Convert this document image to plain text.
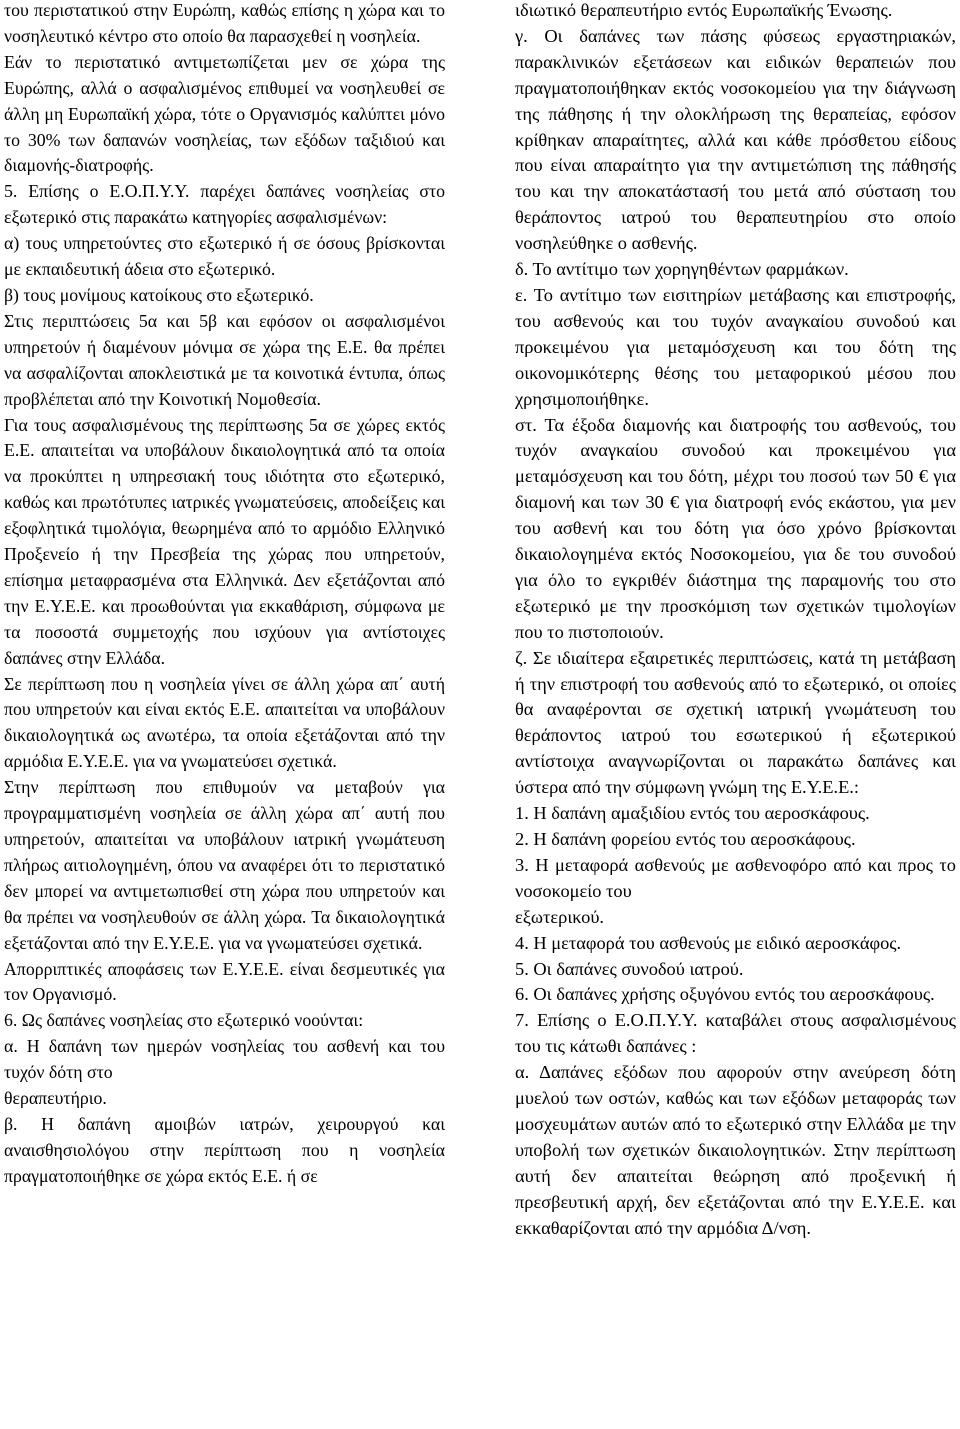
του περιστατικού στην Ευρώπη, καθώς επίσης η χώρα και το νοσηλευτικό κέντρο στο οποίο θα παρασχεθεί η νοσηλεία.

Εάν το περιστατικό αντιμετωπίζεται μεν σε χώρα της Ευρώπης, αλλά ο ασφαλισμένος επιθυμεί να νοσηλευθεί σε άλλη μη Ευρωπαϊκή χώρα, τότε ο Οργανισμός καλύπτει μόνο το 30% των δαπανών νοσηλείας, των εξόδων ταξιδιού και διαμονής-διατροφής.

5. Επίσης ο Ε.Ο.Π.Υ.Υ. παρέχει δαπάνες νοσηλείας στο εξωτερικό στις παρακάτω κατηγορίες ασφαλισμένων:

α) τους υπηρετούντες στο εξωτερικό ή σε όσους βρίσκονται με εκπαιδευτική άδεια στο εξωτερικό.

β) τους μονίμους κατοίκους στο εξωτερικό.

Στις περιπτώσεις 5α και 5β και εφόσον οι ασφαλισμένοι υπηρετούν ή διαμένουν μόνιμα σε χώρα της Ε.Ε. θα πρέπει να ασφαλίζονται αποκλειστικά με τα κοινοτικά έντυπα, όπως προβλέπεται από την Κοινοτική Νομοθεσία.

Για τους ασφαλισμένους της περίπτωσης 5α σε χώρες εκτός Ε.Ε. απαιτείται να υποβάλουν δικαιολογητικά από τα οποία να προκύπτει η υπηρεσιακή τους ιδιότητα στο εξωτερικό, καθώς και πρωτότυπες ιατρικές γνωματεύσεις, αποδείξεις και εξοφλητικά τιμολόγια, θεωρημένα από το αρμόδιο Ελληνικό Προξενείο ή την Πρεσβεία της χώρας που υπηρετούν, επίσημα μεταφρασμένα στα Ελληνικά. Δεν εξετάζονται από την Ε.Υ.Ε.Ε. και προωθούνται για εκκαθάριση, σύμφωνα με τα ποσοστά συμμετοχής που ισχύουν για αντίστοιχες δαπάνες στην Ελλάδα.

Σε περίπτωση που η νοσηλεία γίνει σε άλλη χώρα απ΄ αυτή που υπηρετούν και είναι εκτός Ε.Ε. απαιτείται να υποβάλουν δικαιολογητικά ως ανωτέρω, τα οποία εξετάζονται από την αρμόδια Ε.Υ.Ε.Ε. για να γνωματεύσει σχετικά.

Στην περίπτωση που επιθυμούν να μεταβούν για προγραμματισμένη νοσηλεία σε άλλη χώρα απ΄ αυτή που υπηρετούν, απαιτείται να υποβάλουν ιατρική γνωμάτευση πλήρως αιτιολογημένη, όπου να αναφέρει ότι το περιστατικό δεν μπορεί να αντιμετωπισθεί στη χώρα που υπηρετούν και θα πρέπει να νοσηλευθούν σε άλλη χώρα. Τα δικαιολογητικά εξετάζονται από την Ε.Υ.Ε.Ε. για να γνωματεύσει σχετικά.

Απορριπτικές αποφάσεις των Ε.Υ.Ε.Ε. είναι δεσμευτικές για τον Οργανισμό.

6. Ως δαπάνες νοσηλείας στο εξωτερικό νοούνται:

α. Η δαπάνη των ημερών νοσηλείας του ασθενή και του τυχόν δότη στο

θεραπευτήριο.

β. Η δαπάνη αμοιβών ιατρών, χειρουργού και αναισθησιολόγου στην περίπτωση που η νοσηλεία πραγματοποιήθηκε σε χώρα εκτός Ε.Ε. ή σε

ιδιωτικό θεραπευτήριο εντός Ευρωπαϊκής Ένωσης.

γ. Οι δαπάνες των πάσης φύσεως εργαστηριακών, παρακλινικών εξετάσεων και ειδικών θεραπειών που πραγματοποιήθηκαν εκτός νοσοκομείου για την διάγνωση της πάθησης ή την ολοκλήρωση της θεραπείας, εφόσον κρίθηκαν απαραίτητες, αλλά και κάθε πρόσθετου είδους που είναι απαραίτητο για την αντιμετώπιση της πάθησής του και την αποκατάστασή του μετά από σύσταση του θεράποντος ιατρού του θεραπευτηρίου στο οποίο νοσηλεύθηκε ο ασθενής.

δ. Το αντίτιμο των χορηγηθέντων φαρμάκων.

ε. Το αντίτιμο των εισιτηρίων μετάβασης και επιστροφής, του ασθενούς και του τυχόν αναγκαίου συνοδού και προκειμένου για μεταμόσχευση και του δότη της οικονομικότερης θέσης του μεταφορικού μέσου που χρησιμοποιήθηκε.

στ. Τα έξοδα διαμονής και διατροφής του ασθενούς, του τυχόν αναγκαίου συνοδού και προκειμένου για μεταμόσχευση και του δότη, μέχρι του ποσού των 50 € για διαμονή και των 30 € για διατροφή ενός εκάστου, για μεν του ασθενή και του δότη για όσο χρόνο βρίσκονται δικαιολογημένα εκτός Νοσοκομείου, για δε του συνοδού για όλο το εγκριθέν διάστημα της παραμονής του στο εξωτερικό με την προσκόμιση των σχετικών τιμολογίων που το πιστοποιούν.

ζ. Σε ιδιαίτερα εξαιρετικές περιπτώσεις, κατά τη μετάβαση ή την επιστροφή του ασθενούς από το εξωτερικό, οι οποίες θα αναφέρονται σε σχετική ιατρική γνωμάτευση του θεράποντος ιατρού του εσωτερικού ή εξωτερικού αντίστοιχα αναγνωρίζονται οι παρακάτω δαπάνες και ύστερα από την σύμφωνη γνώμη της Ε.Υ.Ε.Ε.:

1. Η δαπάνη αμαξιδίου εντός του αεροσκάφους.

2. Η δαπάνη φορείου εντός του αεροσκάφους.

3. Η μεταφορά ασθενούς με ασθενοφόρο από και προς το νοσοκομείο του

εξωτερικού.

4. Η μεταφορά του ασθενούς με ειδικό αεροσκάφος.

5. Οι δαπάνες συνοδού ιατρού.

6. Οι δαπάνες χρήσης οξυγόνου εντός του αεροσκάφους.

7. Επίσης ο Ε.Ο.Π.Υ.Υ. καταβάλει στους ασφαλισμένους του τις κάτωθι δαπάνες :

α. Δαπάνες εξόδων που αφορούν στην ανεύρεση δότη μυελού των οστών, καθώς και των εξόδων μεταφοράς των μοσχευμάτων αυτών από το εξωτερικό στην Ελλάδα με την υποβολή των σχετικών δικαιολογητικών. Στην περίπτωση αυτή δεν απαιτείται θεώρηση από προξενική ή πρεσβευτική αρχή, δεν εξετάζονται από την Ε.Υ.Ε.Ε. και εκκαθαρίζονται από την αρμόδια Δ/νση.
